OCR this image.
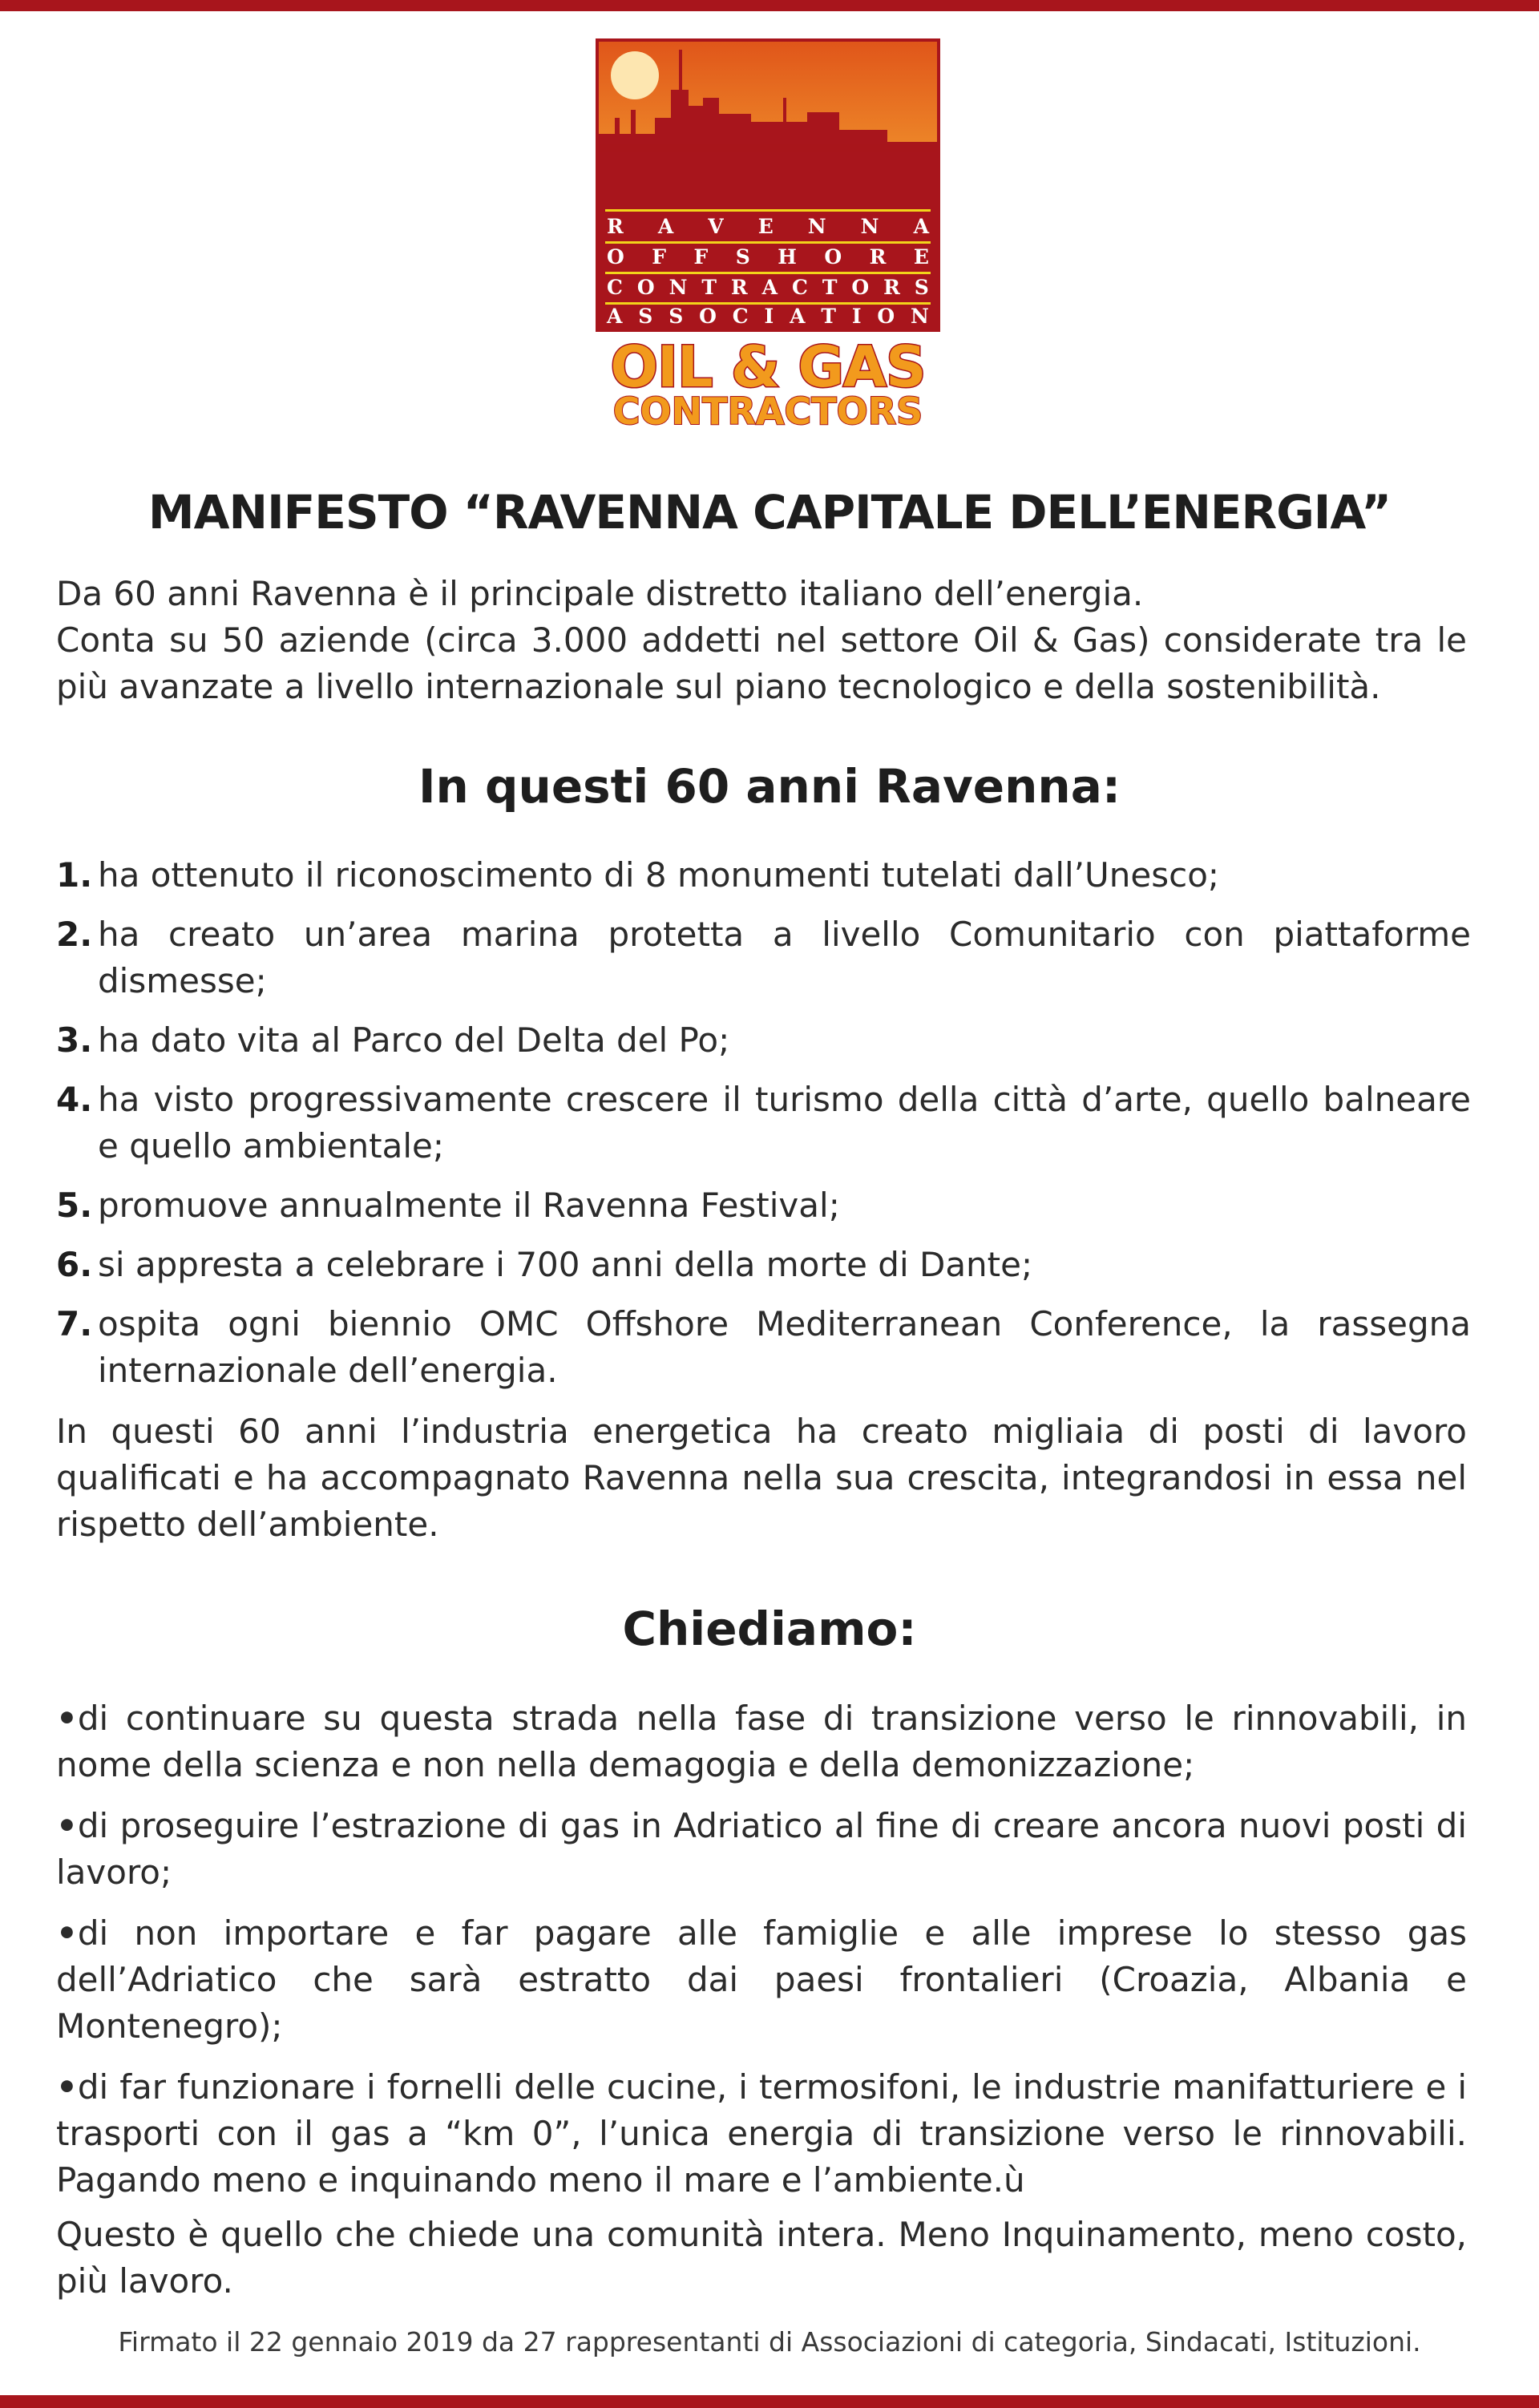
R A V E N N A
O F F S H O R E
C O N T R A C T O R S
A S S O C I A T I O N
OIL & GAS
CONTRACTORS
MANIFESTO “RAVENNA CAPITALE DELL’ENERGIA”
Da 60 anni Ravenna è il principale distretto italiano dell’energia.
Conta su 50 aziende (circa 3.000 addetti nel settore Oil & Gas) considerate tra le più avanzate a livello internazionale sul piano tecnologico e della sostenibilità.
In questi 60 anni Ravenna:
1. ha ottenuto il riconoscimento di 8 monumenti tutelati dall’Unesco;
2. ha creato un’area marina protetta a livello Comunitario con piattaforme dismesse;
3. ha dato vita al Parco del Delta del Po;
4. ha visto progressivamente crescere il turismo della città d’arte, quello balneare e quello ambientale;
5. promuove annualmente il Ravenna Festival;
6. si appresta a celebrare i 700 anni della morte di Dante;
7. ospita ogni biennio OMC Offshore Mediterranean Conference, la rassegna internazionale dell’energia.
In questi 60 anni l’industria energetica ha creato migliaia di posti di lavoro qualificati e ha accompagnato Ravenna nella sua crescita, integrandosi in essa nel rispetto dell’ambiente.
Chiediamo:
•di continuare su questa strada nella fase di transizione verso le rinnovabili, in nome della scienza e non nella demagogia e della demonizzazione;
•di proseguire l’estrazione di gas in Adriatico al fine di creare ancora nuovi posti di lavoro;
•di non importare e far pagare alle famiglie e alle imprese lo stesso gas dell’Adriatico che sarà estratto dai paesi frontalieri (Croazia, Albania e Montenegro);
•di far funzionare i fornelli delle cucine, i termosifoni, le industrie manifatturiere e i trasporti con il gas a “km 0”, l’unica energia di transizione verso le rinnovabili. Pagando meno e inquinando meno il mare e l’ambiente.ù
Questo è quello che chiede una comunità intera. Meno Inquinamento, meno costo, più lavoro.
Firmato il 22 gennaio 2019 da 27 rappresentanti di Associazioni di categoria, Sindacati, Istituzioni.
